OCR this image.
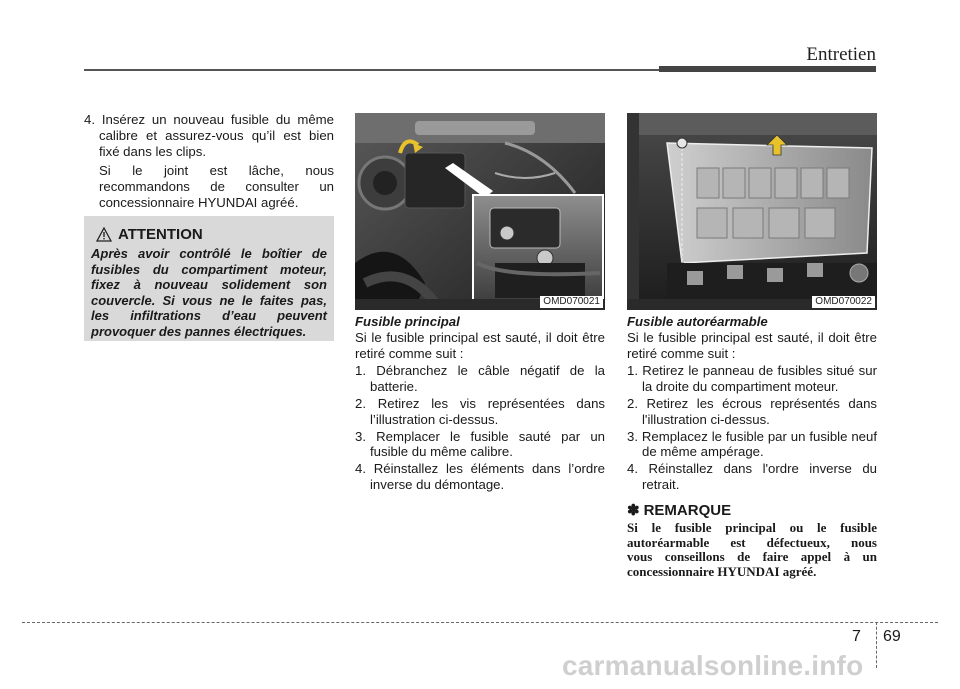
Entretien

4. Insérez un nouveau fusible du même calibre et assurez-vous qu’il est bien fixé dans les clips.

Si le joint est lâche, nous recommandons de consulter un concessionnaire HYUNDAI agréé.

ATTENTION
Après avoir contrôlé le boîtier de
fusibles du compartiment moteur,
fixez à nouveau solidement son
couvercle. Si vous ne le faites pas,
les infiltrations d’eau peuvent
provoquer des pannes électriques.
OMD070021	OMD070022

Fusible principal

Si le fusible principal est sauté, il doit être retiré comme suit :

1. Débranchez le câble négatif de la batterie.

2. Retirez les vis représentées dans l’illustration ci-dessus.

3. Remplacer le fusible sauté par un fusible du même calibre.

4. Réinstallez les éléments dans l’ordre inverse du démontage.

Fusible autoréarmable

Si le fusible principal est sauté, il doit être retiré comme suit :

1. Retirez le panneau de fusibles situé sur la droite du compartiment moteur.

2. Retirez les écrous représentés dans l'illustration ci-dessus.

3. Remplacez le fusible par un fusible neuf de même ampérage.

4. Réinstallez dans l'ordre inverse du retrait.

✽ REMARQUE
Si le fusible principal ou le fusible
autoréarmable est défectueux, nous
vous conseillons de faire appel à un
concessionnaire HYUNDAI agréé.
7 69
carmanualsonline.info
